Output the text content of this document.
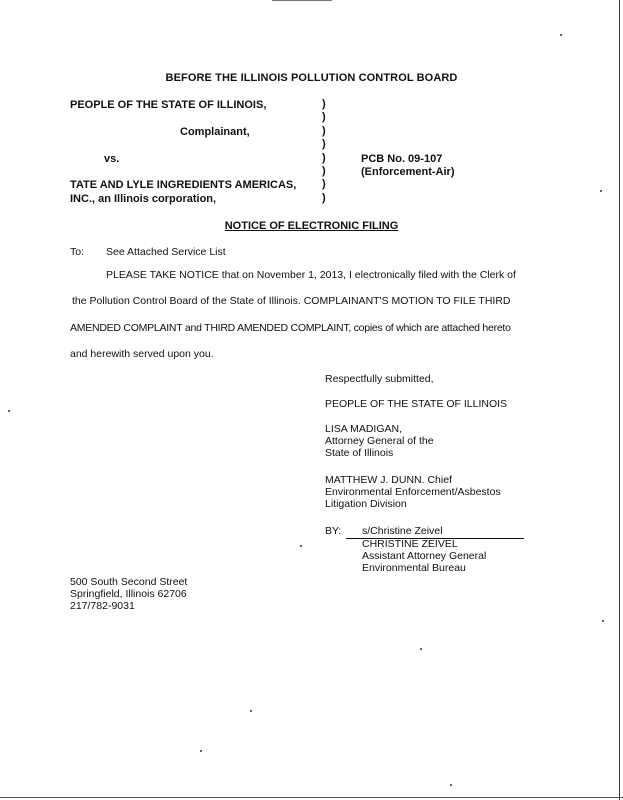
BEFORE THE ILLINOIS POLLUTION CONTROL BOARD
PEOPLE OF THE STATE OF ILLINOIS,
Complainant,
vs.
TATE AND LYLE INGREDIENTS AMERICAS,
INC., an Illinois corporation,
)
)
)
)
)
)
)
)
PCB No. 09-107
(Enforcement-Air)
NOTICE OF ELECTRONIC FILING
To: See Attached Service List
PLEASE TAKE NOTICE that on November 1, 2013, I electronically filed with the Clerk of
the Pollution Control Board of the State of Illinois. COMPLAINANT'S MOTION TO FILE THIRD
AMENDED COMPLAINT and THIRD AMENDED COMPLAINT, copies of which are attached hereto
and herewith served upon you.
Respectfully submitted,
PEOPLE OF THE STATE OF ILLINOIS
LISA MADIGAN,
Attorney General of the
State of Illinois
MATTHEW J. DUNN. Chief
Environmental Enforcement/Asbestos
Litigation Division
BY: s/Christine Zeivel
CHRISTINE ZEIVEL
Assistant Attorney General
Environmental Bureau
500 South Second Street
Springfield, Illinois 62706
217/782-9031
